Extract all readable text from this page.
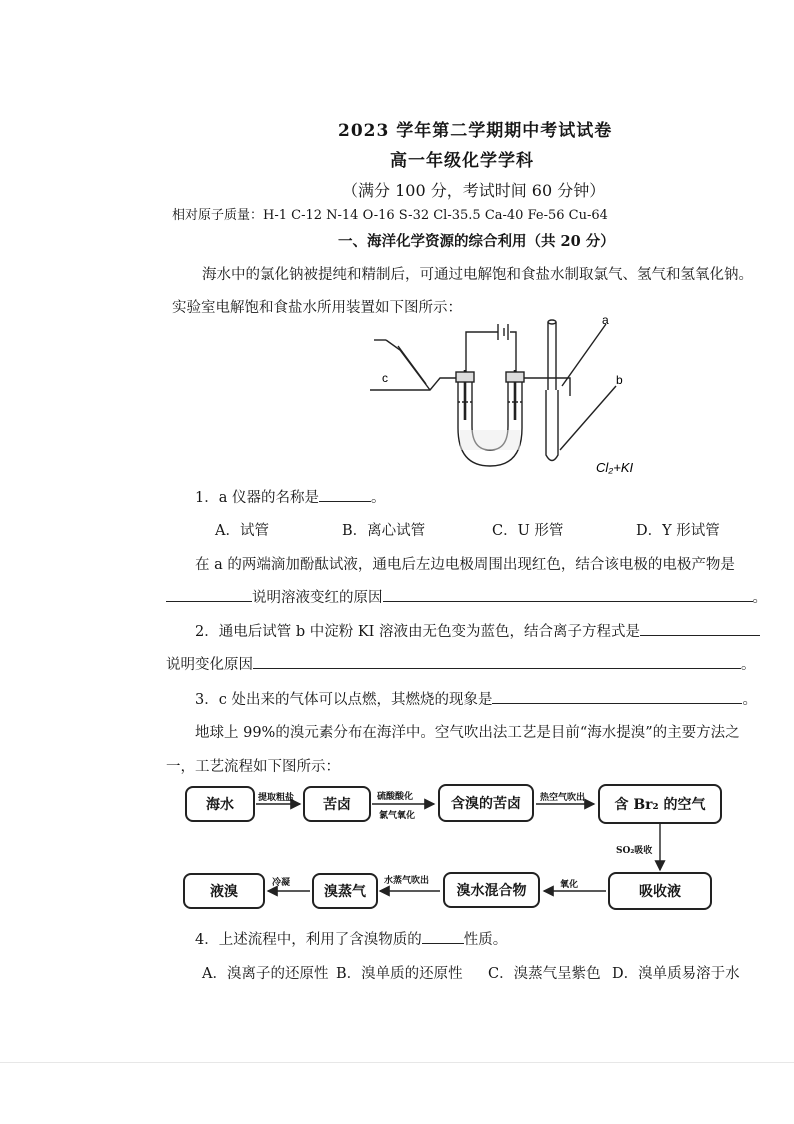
2023 学年第二学期期中考试试卷
高一年级化学学科
（满分 100 分，考试时间 60 分钟）
相对原子质量：H-1 C-12 N-14 O-16 S-32 Cl-35.5 Ca-40 Fe-56 Cu-64
一、海洋化学资源的综合利用（共 20 分）
海水中的氯化钠被提纯和精制后，可通过电解饱和食盐水制取氯气、氢气和氢氧化钠。
实验室电解饱和食盐水所用装置如下图所示：
c
a
b
Cl₂+KI
1．a 仪器的名称是	。
A．试管	B．离心试管	C．U 形管	D．Y 形试管
在 a 的两端滴加酚酞试液，通电后左边电极周围出现红色，结合该电极的电极产物是
说明溶液变红的原因	。
2．通电后试管 b 中淀粉 KI 溶液由无色变为蓝色，结合离子方程式是
说明变化原因	。
3．c 处出来的气体可以点燃，其燃烧的现象是	。
地球上 99%的溴元素分布在海洋中。空气吹出法工艺是目前“海水提溴”的主要方法之
一，工艺流程如下图所示：
海水	苦卤	含溴的苦卤	含 Br₂ 的空气
吸收液
溴水混合物
溴蒸气
液溴
提取粗盐	硫酸酸化
氯气氧化
热空气吹出
SO₂吸收
氧化
水蒸气吹出
冷凝
4．上述流程中，利用了含溴物质的	性质。
A．溴离子的还原性 B．溴单质的还原性 C．溴蒸气呈紫色 D．溴单质易溶于水
